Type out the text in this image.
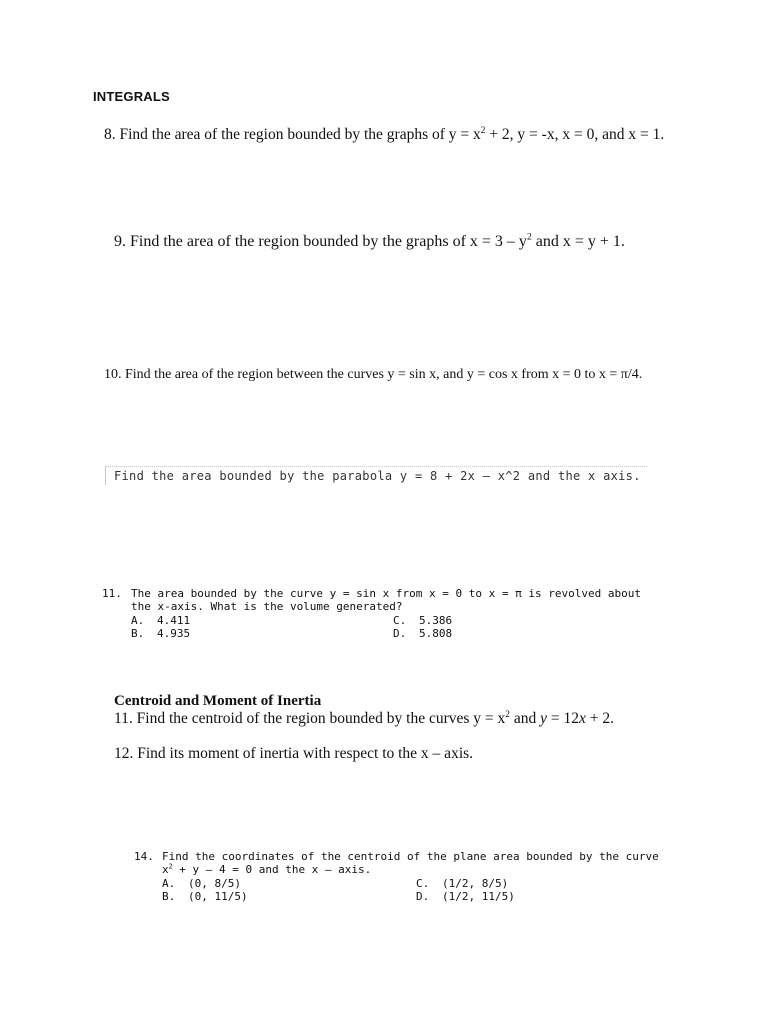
INTEGRALS
8. Find the area of the region bounded by the graphs of $y = x^2 + 2$, y = -x, x = 0, and x = 1.
9. Find the area of the region bounded by the graphs of $x = 3 - y^2$ and x = y + 1.
10. Find the area of the region between the curves y = sin x, and y = cos x from x = 0 to x = π/4.
Find the area bounded by the parabola y = 8 + 2x – x^2 and the x axis.
11. The area bounded by the curve y = sin x from x = 0 to x = π is revolved about
the x-axis. What is the volume generated?
A. 4.411
B. 4.935
C. 5.386
D. 5.808
Centroid and Moment of Inertia
11. Find the centroid of the region bounded by the curves $y = x^2$ and y = 12x + 2.
12. Find its moment of inertia with respect to the x – axis.
14. Find the coordinates of the centroid of the plane area bounded by the curve
$x^2 + y - 4 = 0$ and the x – axis.
A. (0, 8/5)
B. (0, 11/5)
C. (1/2, 8/5)
D. (1/2, 11/5)
